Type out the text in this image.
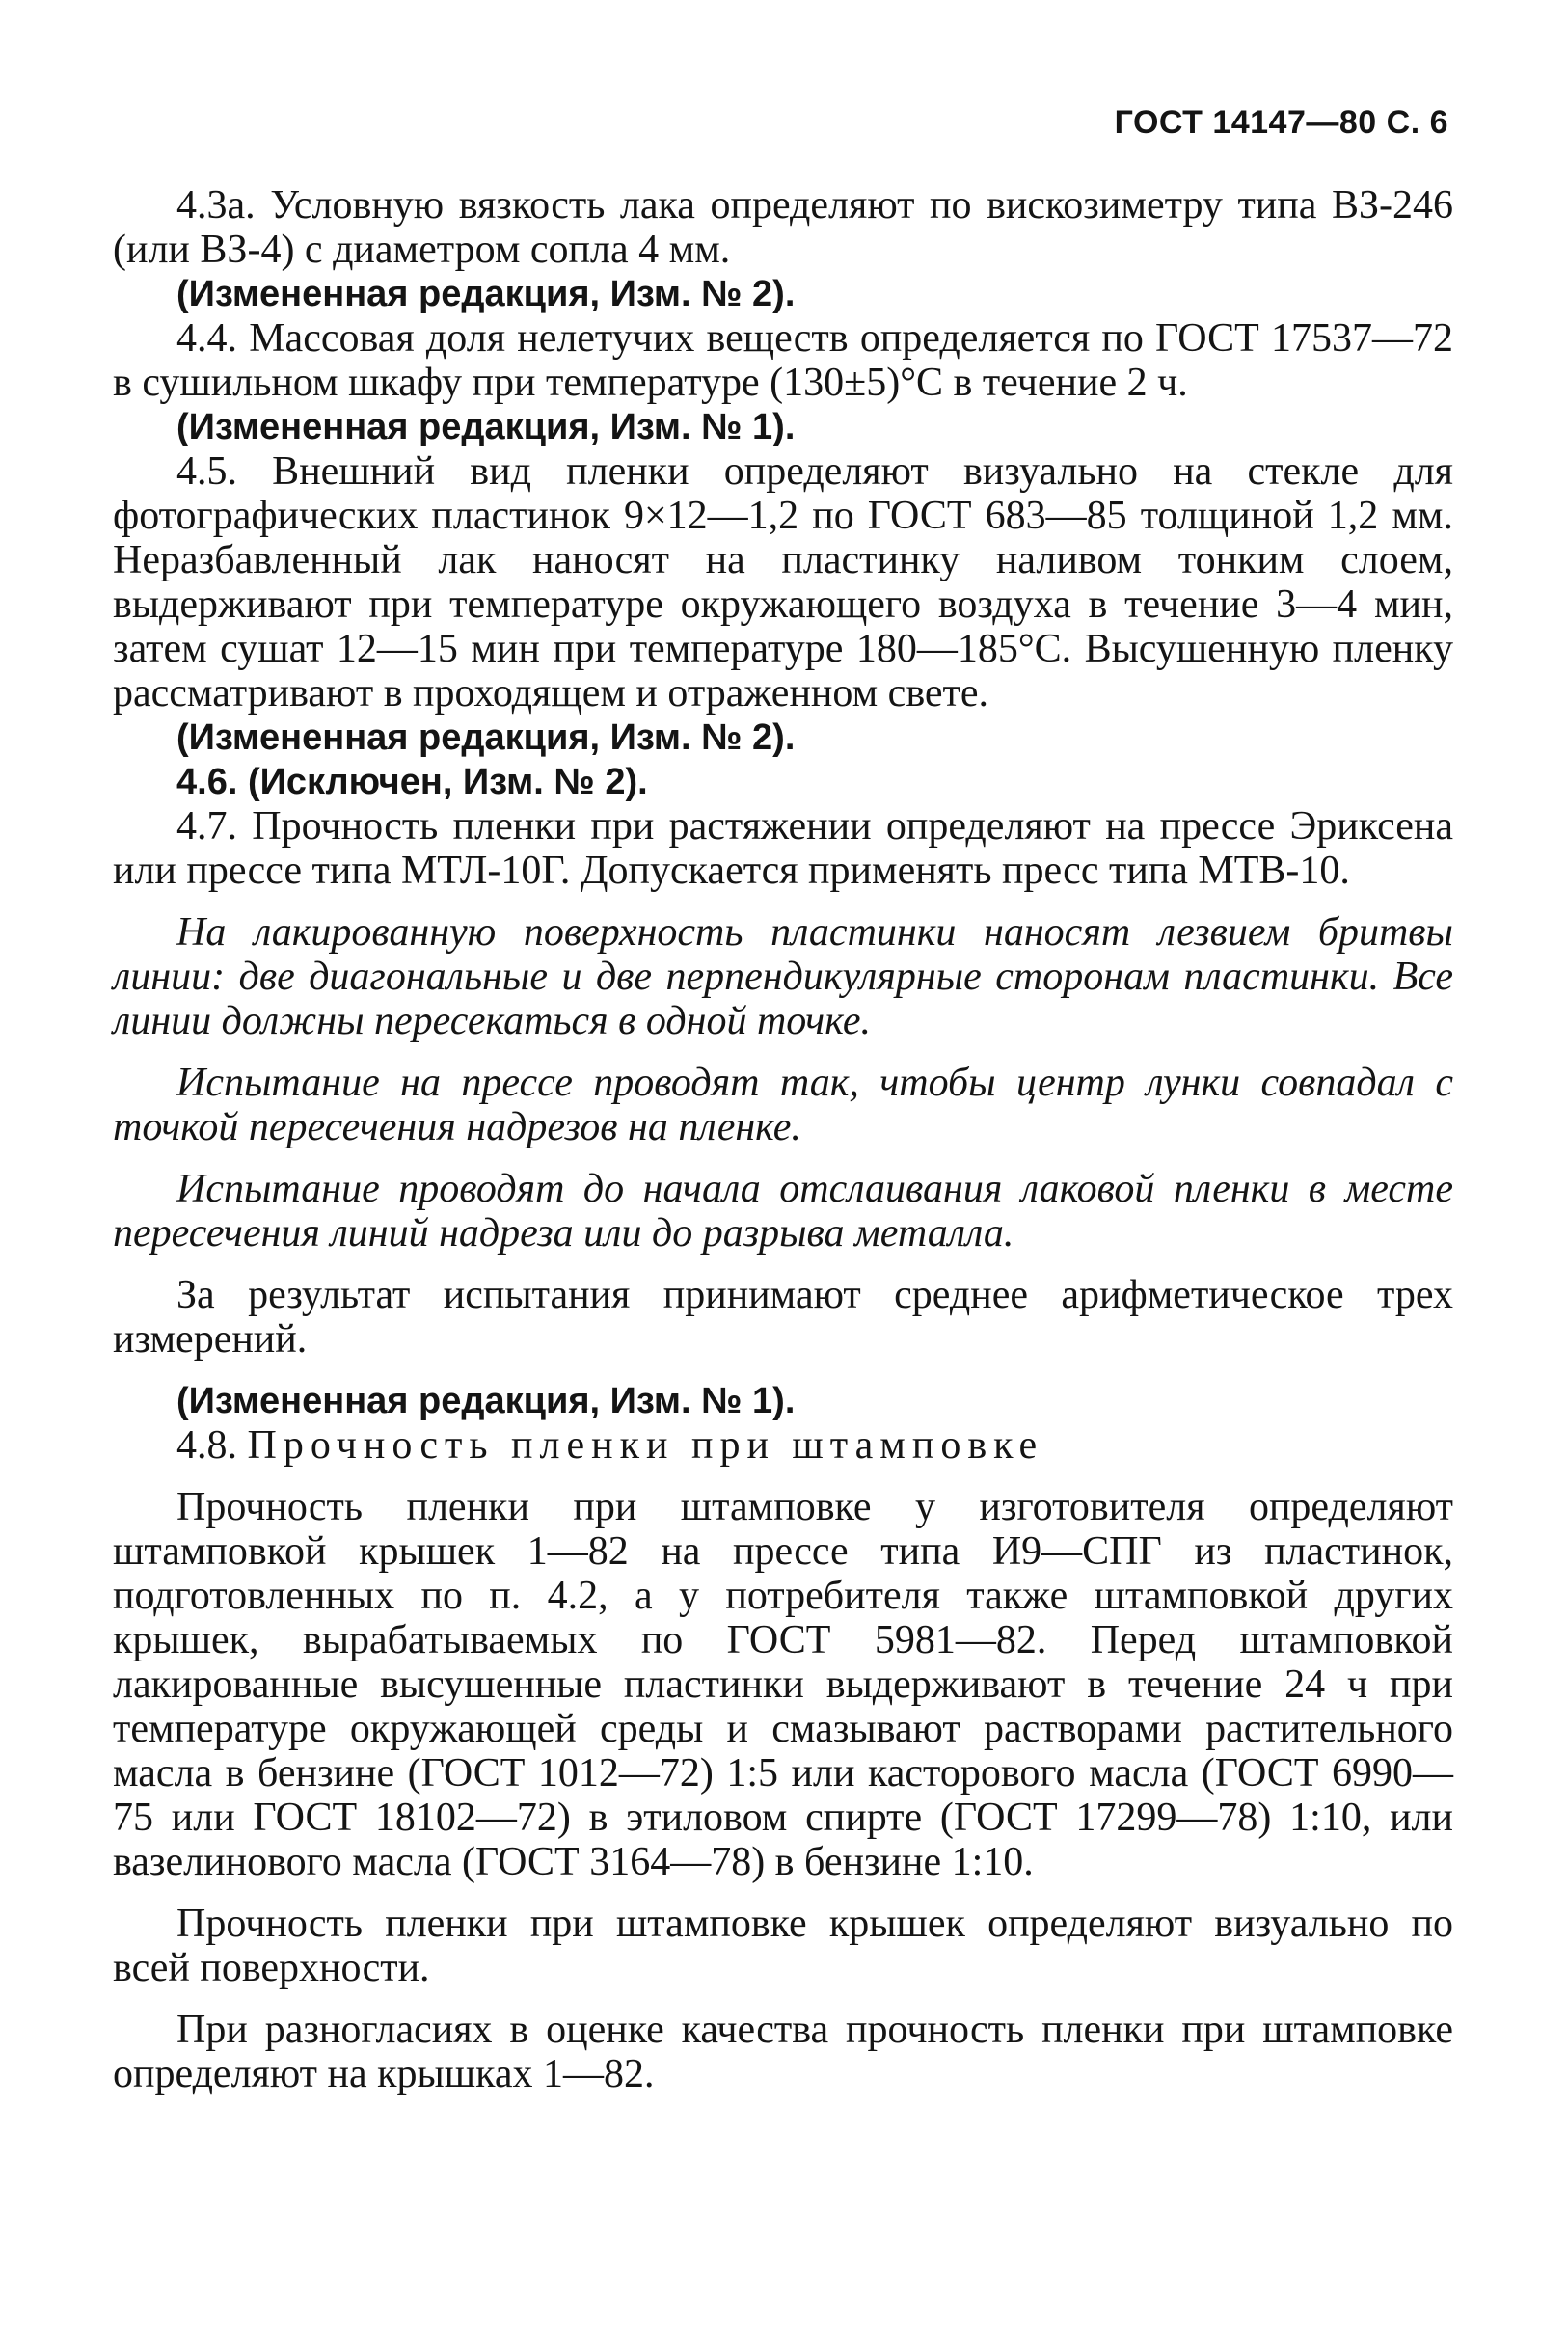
ГОСТ 14147—80 С. 6

4.3а. Условную вязкость лака определяют по вискозиметру типа ВЗ-246 (или ВЗ-4) с диаметром сопла 4 мм.

(Измененная редакция, Изм. № 2).

4.4. Массовая доля нелетучих веществ определяется по ГОСТ 17537—72 в сушильном шкафу при температуре (130±5)°С в течение 2 ч.

(Измененная редакция, Изм. № 1).

4.5. Внешний вид пленки определяют визуально на стекле для фотографических пластинок 9×12—1,2 по ГОСТ 683—85 толщиной 1,2 мм. Неразбавленный лак наносят на пластинку наливом тонким слоем, выдерживают при температуре окружающего воздуха в течение 3—4 мин, затем сушат 12—15 мин при температуре 180—185°С. Высушенную пленку рассматривают в проходящем и отраженном свете.

(Измененная редакция, Изм. № 2).

4.6. (Исключен, Изм. № 2).

4.7. Прочность пленки при растяжении определяют на прессе Эриксена или прессе типа МТЛ-10Г. Допускается применять пресс типа МТВ-10.

На лакированную поверхность пластинки наносят лезвием бритвы линии: две диагональные и две перпендикулярные сторонам пластинки. Все линии должны пересекаться в одной точке.

Испытание на прессе проводят так, чтобы центр лунки совпадал с точкой пересечения надрезов на пленке.

Испытание проводят до начала отслаивания лаковой пленки в месте пересечения линий надреза или до разрыва металла.

За результат испытания принимают среднее арифметическое трех измерений.

(Измененная редакция, Изм. № 1).

4.8. Прочность пленки при штамповке

Прочность пленки при штамповке у изготовителя определяют штамповкой крышек 1—82 на прессе типа И9—СПГ из пластинок, подготовленных по п. 4.2, а у потребителя также штамповкой других крышек, вырабатываемых по ГОСТ 5981—82. Перед штамповкой лакированные высушенные пластинки выдерживают в течение 24 ч при температуре окружающей среды и смазывают растворами растительного масла в бензине (ГОСТ 1012—72) 1:5 или касторового масла (ГОСТ 6990—75 или ГОСТ 18102—72) в этиловом спирте (ГОСТ 17299—78) 1:10, или вазелинового масла (ГОСТ 3164—78) в бензине 1:10.

Прочность пленки при штамповке крышек определяют визуально по всей поверхности.

При разногласиях в оценке качества прочность пленки при штамповке определяют на крышках 1—82.
